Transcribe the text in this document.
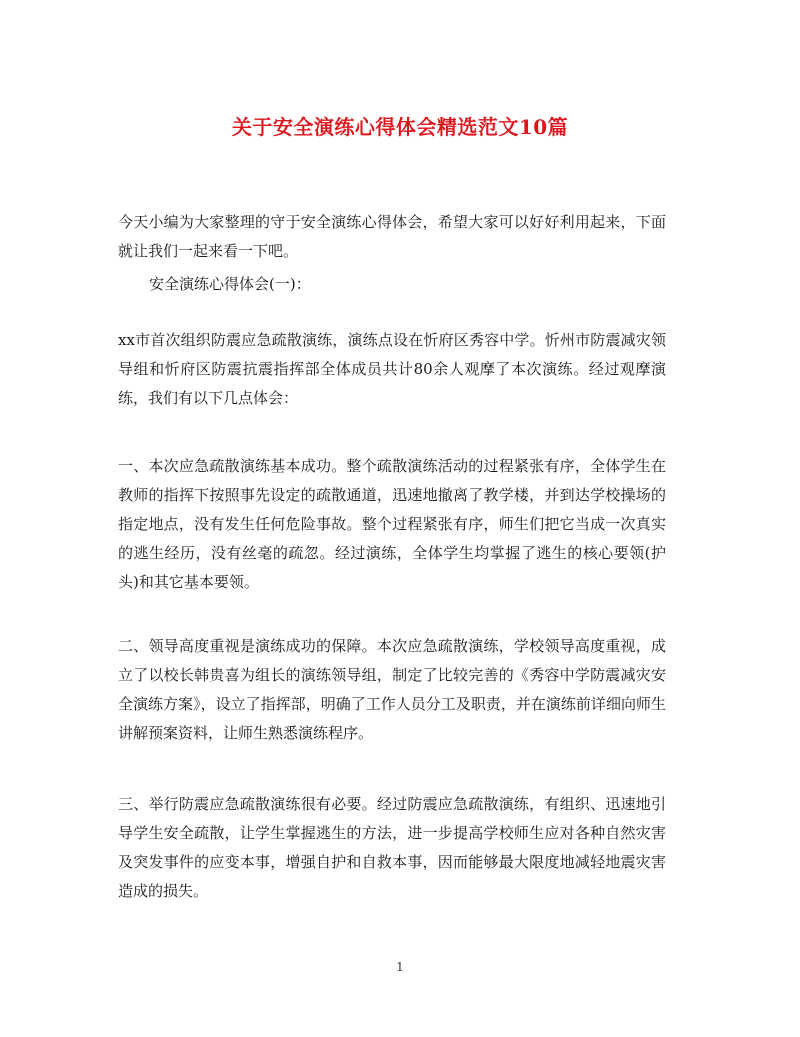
关于安全演练心得体会精选范文10篇
今天小编为大家整理的守于安全演练心得体会，希望大家可以好好利用起来，下面就让我们一起来看一下吧。
安全演练心得体会(一)：
xx市首次组织防震应急疏散演练，演练点设在忻府区秀容中学。忻州市防震减灾领导组和忻府区防震抗震指挥部全体成员共计80余人观摩了本次演练。经过观摩演练，我们有以下几点体会：
一、本次应急疏散演练基本成功。整个疏散演练活动的过程紧张有序，全体学生在教师的指挥下按照事先设定的疏散通道，迅速地撤离了教学楼，并到达学校操场的指定地点，没有发生任何危险事故。整个过程紧张有序，师生们把它当成一次真实的逃生经历，没有丝毫的疏忽。经过演练，全体学生均掌握了逃生的核心要领(护头)和其它基本要领。
二、领导高度重视是演练成功的保障。本次应急疏散演练，学校领导高度重视，成立了以校长韩贵喜为组长的演练领导组，制定了比较完善的《秀容中学防震减灾安全演练方案》，设立了指挥部，明确了工作人员分工及职责，并在演练前详细向师生讲解预案资料，让师生熟悉演练程序。
三、举行防震应急疏散演练很有必要。经过防震应急疏散演练，有组织、迅速地引导学生安全疏散，让学生掌握逃生的方法，进一步提高学校师生应对各种自然灾害及突发事件的应变本事，增强自护和自救本事，因而能够最大限度地减轻地震灾害造成的损失。
1
